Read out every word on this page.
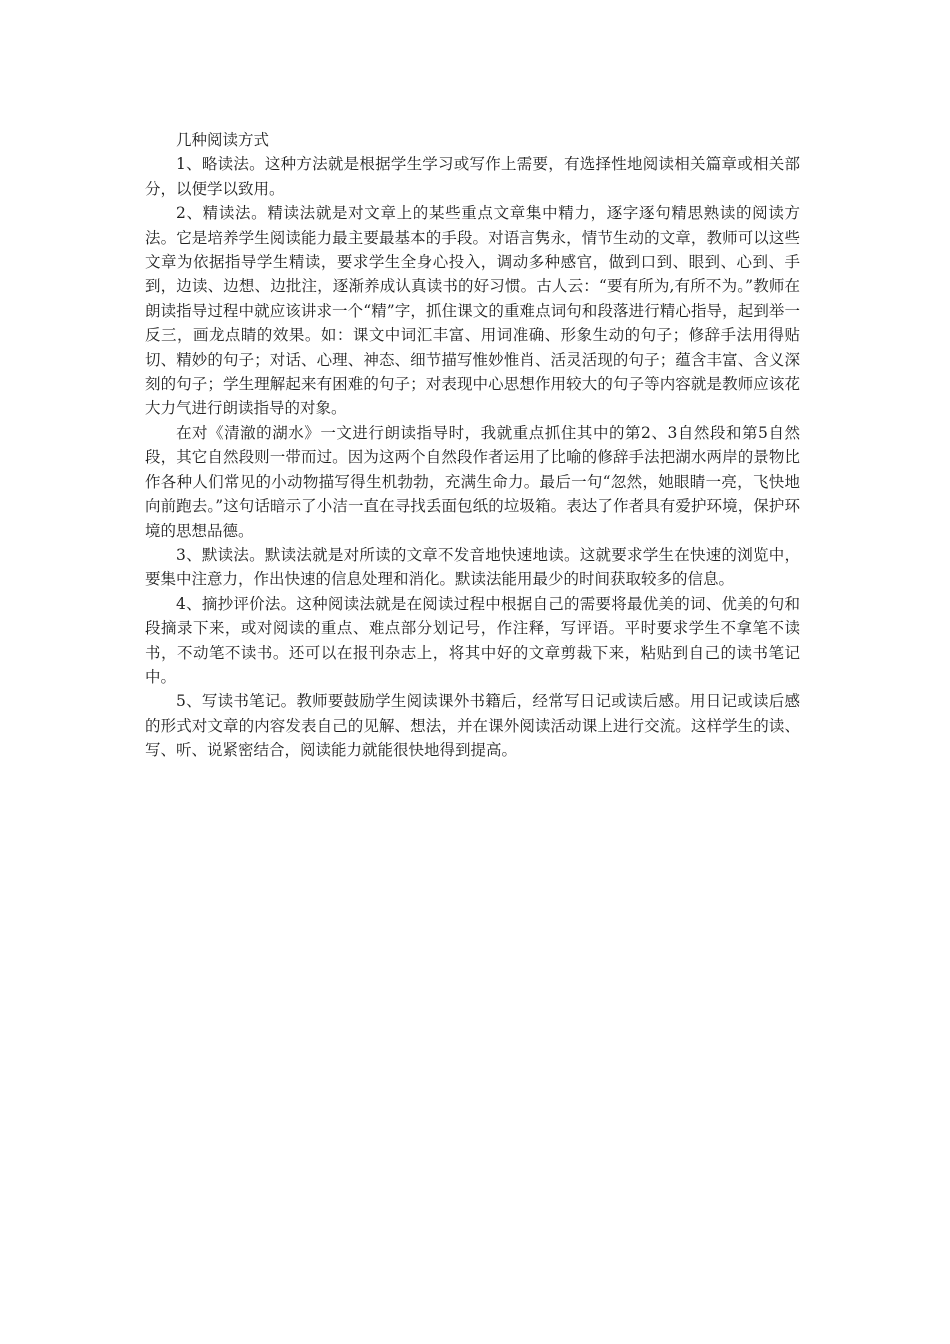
几种阅读方式

1、略读法。这种方法就是根据学生学习或写作上需要，有选择性地阅读相关篇章或相关部分，以便学以致用。

2、精读法。精读法就是对文章上的某些重点文章集中精力，逐字逐句精思熟读的阅读方法。它是培养学生阅读能力最主要最基本的手段。对语言隽永，情节生动的文章，教师可以这些文章为依据指导学生精读，要求学生全身心投入，调动多种感官，做到口到、眼到、心到、手到，边读、边想、边批注，逐渐养成认真读书的好习惯。古人云：“要有所为,有所不为。”教师在朗读指导过程中就应该讲求一个“精”字，抓住课文的重难点词句和段落进行精心指导，起到举一反三，画龙点睛的效果。如：课文中词汇丰富、用词准确、形象生动的句子；修辞手法用得贴切、精妙的句子；对话、心理、神态、细节描写惟妙惟肖、活灵活现的句子；蕴含丰富、含义深刻的句子；学生理解起来有困难的句子；对表现中心思想作用较大的句子等内容就是教师应该花大力气进行朗读指导的对象。

在对《清澈的湖水》一文进行朗读指导时，我就重点抓住其中的第2、3自然段和第5自然段，其它自然段则一带而过。因为这两个自然段作者运用了比喻的修辞手法把湖水两岸的景物比作各种人们常见的小动物描写得生机勃勃，充满生命力。最后一句“忽然，她眼睛一亮，飞快地向前跑去。”这句话暗示了小洁一直在寻找丢面包纸的垃圾箱。表达了作者具有爱护环境，保护环境的思想品德。

3、默读法。默读法就是对所读的文章不发音地快速地读。这就要求学生在快速的浏览中，要集中注意力，作出快速的信息处理和消化。默读法能用最少的时间获取较多的信息。

4、摘抄评价法。这种阅读法就是在阅读过程中根据自己的需要将最优美的词、优美的句和段摘录下来，或对阅读的重点、难点部分划记号，作注释，写评语。平时要求学生不拿笔不读书，不动笔不读书。还可以在报刊杂志上，将其中好的文章剪裁下来，粘贴到自己的读书笔记中。

5、写读书笔记。教师要鼓励学生阅读课外书籍后，经常写日记或读后感。用日记或读后感的形式对文章的内容发表自己的见解、想法，并在课外阅读活动课上进行交流。这样学生的读、写、听、说紧密结合，阅读能力就能很快地得到提高。
